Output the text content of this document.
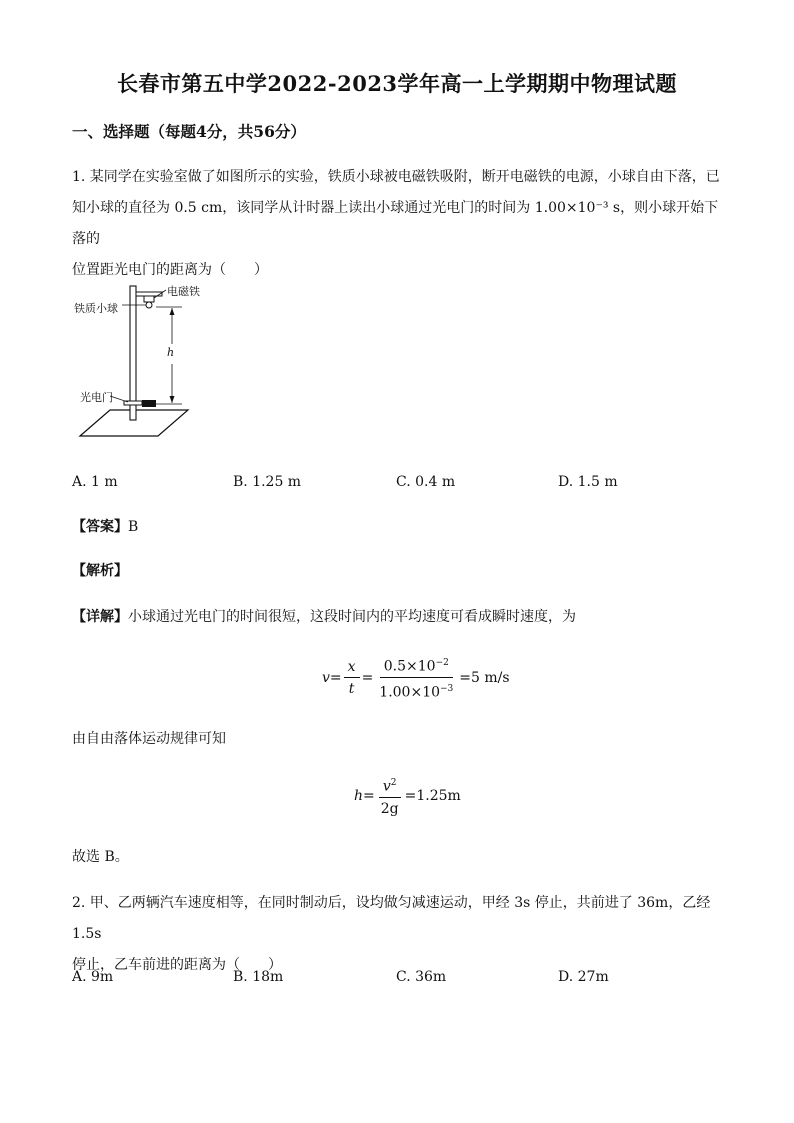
长春市第五中学2022-2023学年高一上学期期中物理试题
一、选择题（每题4分，共56分）
1. 某同学在实验室做了如图所示的实验，铁质小球被电磁铁吸附，断开电磁铁的电源，小球自由下落，已
知小球的直径为 0.5 cm，该同学从计时器上读出小球通过光电门的时间为 1.00×10⁻³ s，则小球开始下落的
位置距光电门的距离为（　　）
电磁铁
铁质小球
h
光电门
A. 1 m	B. 1.25 m	C. 0.4 m	D. 1.5 m
【答案】B
【解析】
【详解】小球通过光电门的时间很短，这段时间内的平均速度可看成瞬时速度，为
$v = \frac{x}{t} = \frac{0.5\times 10^{-2}}{1.00\times 10^{-3}} =5$ m/s
由自由落体运动规律可知
$h = \frac{v^2}{2g} =1.25m$
故选 B。
2. 甲、乙两辆汽车速度相等，在同时制动后，设均做匀减速运动，甲经 3s 停止，共前进了 36m，乙经 1.5s
停止，乙车前进的距离为（　　）
A. 9m	B. 18m	C. 36m	D. 27m
